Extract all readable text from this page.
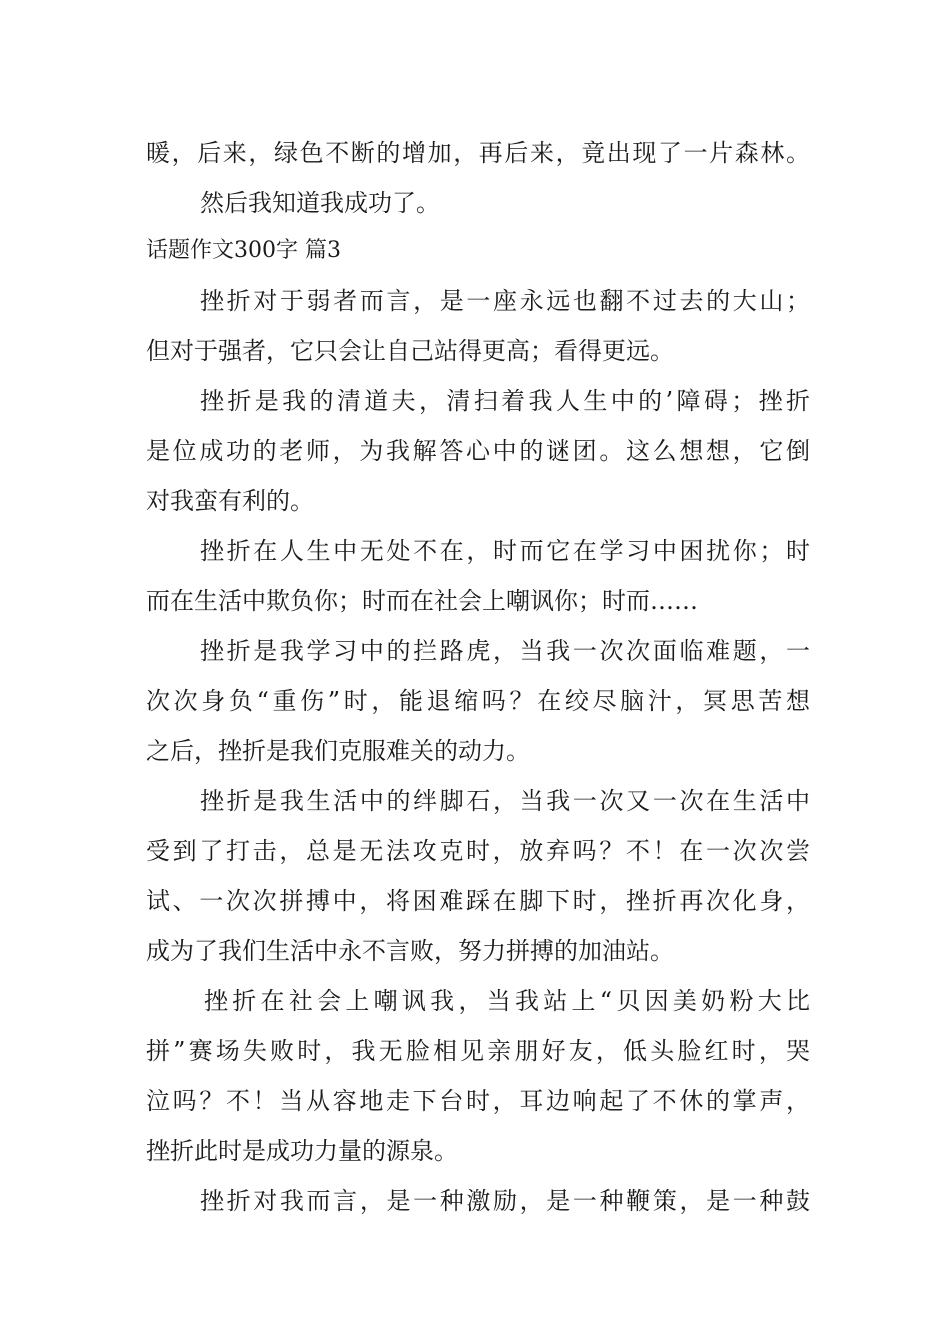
暖，后来，绿色不断的增加，再后来，竟出现了一片森林。
然后我知道我成功了。
话题作文300字 篇3
挫折对于弱者而言，是一座永远也翻不过去的大山；
但对于强者，它只会让自己站得更高；看得更远。
挫折是我的清道夫，清扫着我人生中的’障碍；挫折
是位成功的老师，为我解答心中的谜团。这么想想，它倒
对我蛮有利的。
挫折在人生中无处不在，时而它在学习中困扰你；时
而在生活中欺负你；时而在社会上嘲讽你；时而……
挫折是我学习中的拦路虎，当我一次次面临难题，一
次次身负“重伤”时，能退缩吗？在绞尽脑汁，冥思苦想
之后，挫折是我们克服难关的动力。
挫折是我生活中的绊脚石，当我一次又一次在生活中
受到了打击，总是无法攻克时，放弃吗？不！在一次次尝
试、一次次拼搏中，将困难踩在脚下时，挫折再次化身，
成为了我们生活中永不言败，努力拼搏的加油站。
挫折在社会上嘲讽我，当我站上“贝因美奶粉大比
拼”赛场失败时，我无脸相见亲朋好友，低头脸红时，哭
泣吗？不！当从容地走下台时，耳边响起了不休的掌声，
挫折此时是成功力量的源泉。
挫折对我而言，是一种激励，是一种鞭策，是一种鼓
